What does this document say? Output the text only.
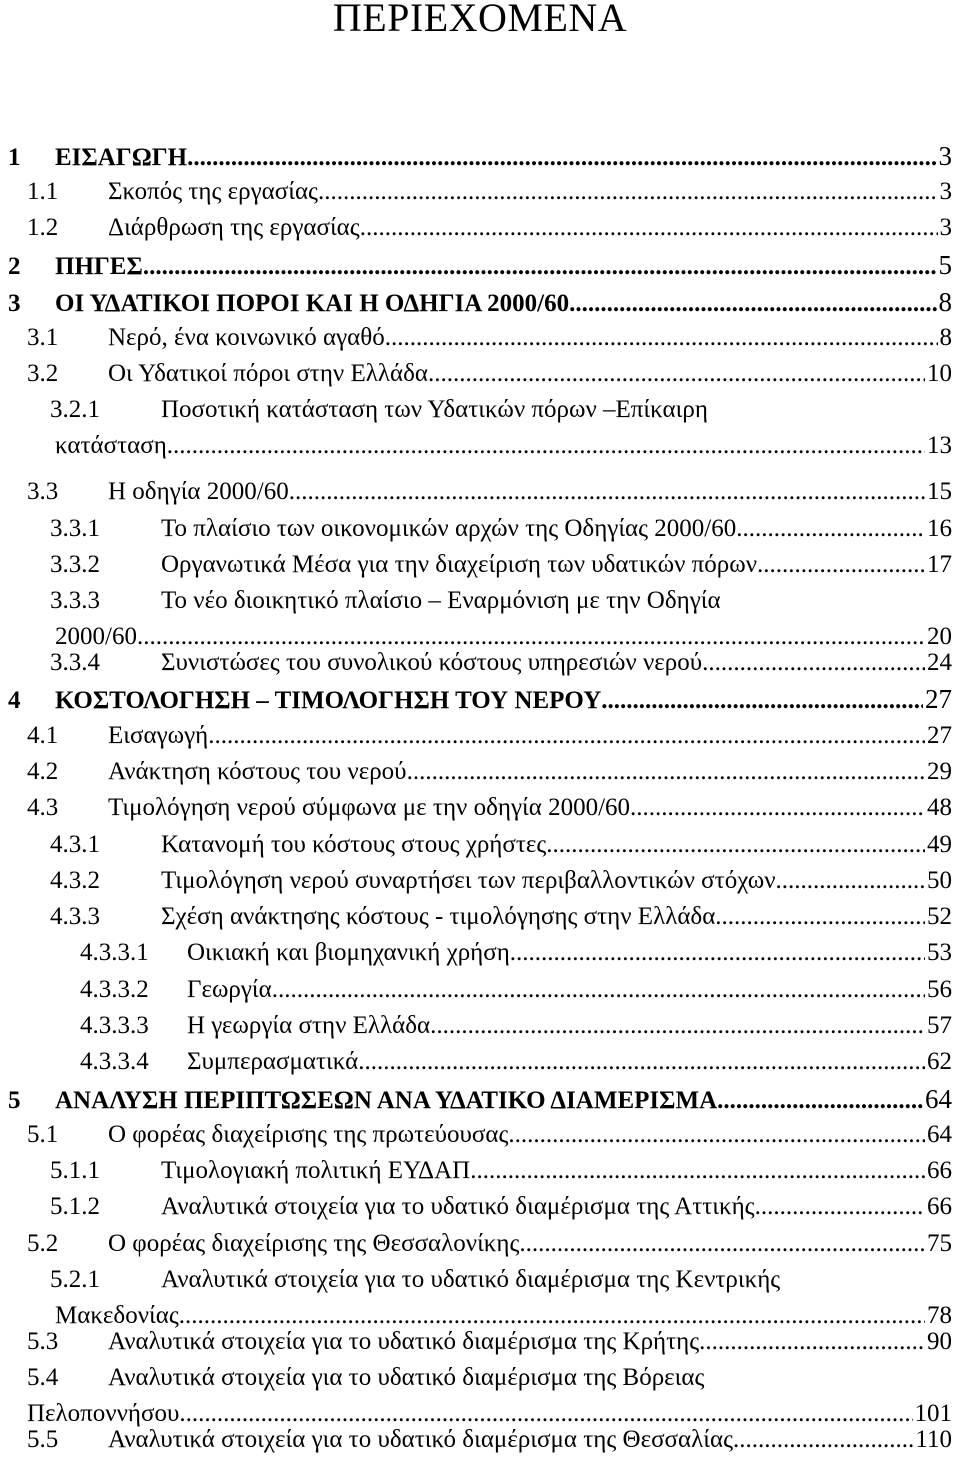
ΠΕΡΙΕΧΟΜΕΝΑ
1	ΕΙΣΑΓΩΓΗ .....	3
1.1	Σκοπός της εργασίας .....	3
1.2	Διάρθρωση της εργασίας .....	3
2	ΠΗΓΕΣ .....	5
3	ΟΙ ΥΔΑΤΙΚΟΙ ΠΟΡΟΙ ΚΑΙ Η ΟΔΗΓΙΑ 2000/60 .....	8
3.1	Νερό, ένα κοινωνικό αγαθό .....	8
3.2	Οι Υδατικοί πόροι στην Ελλάδα .....	10
3.2.1	Ποσοτική κατάσταση των Υδατικών πόρων –Επίκαιρη
κατάσταση .....	13
3.3	Η οδηγία 2000/60 .....	15
3.3.1	Το πλαίσιο των οικονομικών αρχών της Οδηγίας 2000/60 .....	16
3.3.2	Οργανωτικά Μέσα για την διαχείριση των υδατικών πόρων .....	17
3.3.3	Το νέο διοικητικό πλαίσιο – Εναρμόνιση με την Οδηγία
2000/60 .....	20
3.3.4	Συνιστώσες του συνολικού κόστους υπηρεσιών νερού .....	24
4	ΚΟΣΤΟΛΟΓΗΣΗ – ΤΙΜΟΛΟΓΗΣΗ ΤΟΥ ΝΕΡΟΥ .....	27
4.1	Εισαγωγή .....	27
4.2	Ανάκτηση κόστους του νερού .....	29
4.3	Τιμολόγηση νερού σύμφωνα με την οδηγία 2000/60 .....	48
4.3.1	Κατανομή του κόστους στους χρήστες .....	49
4.3.2	Τιμολόγηση νερού συναρτήσει των περιβαλλοντικών στόχων .....	50
4.3.3	Σχέση ανάκτησης κόστους - τιμολόγησης στην Ελλάδα .....	52
4.3.3.1	Οικιακή και βιομηχανική χρήση .....	53
4.3.3.2	Γεωργία .....	56
4.3.3.3	Η γεωργία στην Ελλάδα .....	57
4.3.3.4	Συμπερασματικά .....	62
5	ΑΝΑΛΥΣΗ ΠΕΡΙΠΤΩΣΕΩΝ ΑΝΑ ΥΔΑΤΙΚΟ ΔΙΑΜΕΡΙΣΜΑ .....	64
5.1	Ο φορέας διαχείρισης της πρωτεύουσας .....	64
5.1.1	Τιμολογιακή πολιτική ΕΥΔΑΠ .....	66
5.1.2	Αναλυτικά στοιχεία για το υδατικό διαμέρισμα της Αττικής .....	66
5.2	Ο φορέας διαχείρισης της Θεσσαλονίκης .....	75
5.2.1	Αναλυτικά στοιχεία για το υδατικό διαμέρισμα της Κεντρικής
Μακεδονίας .....	78
5.3	Αναλυτικά στοιχεία για το υδατικό διαμέρισμα της Κρήτης .....	90
5.4	Αναλυτικά στοιχεία για το υδατικό διαμέρισμα της Βόρειας
Πελοποννήσου .....	101
5.5	Αναλυτικά στοιχεία για το υδατικό διαμέρισμα της Θεσσαλίας .....	110
